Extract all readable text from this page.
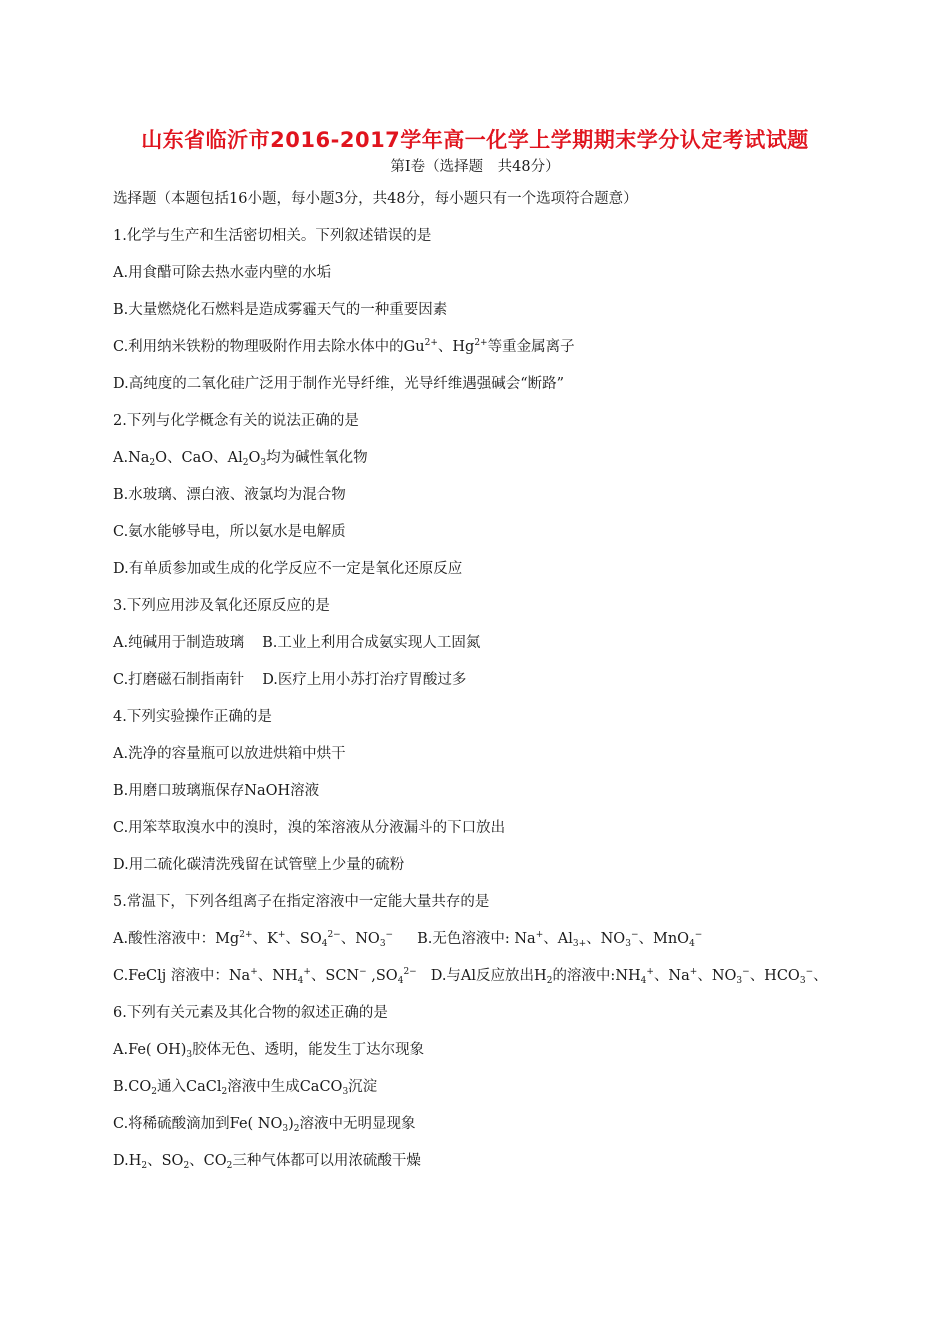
山东省临沂市2016-2017学年高一化学上学期期末学分认定考试试题
第Ⅰ卷（选择题　共48分）
选择题（本题包括16小题，每小题3分，共48分，每小题只有一个选项符合题意）
1.化学与生产和生活密切相关。下列叙述错误的是
A.用食醋可除去热水壶内壁的水垢
B.大量燃烧化石燃料是造成雾霾天气的一种重要因素
C.利用纳米铁粉的物理吸附作用去除水体中的$Gu^{2+}$、$Hg^{2+}$等重金属离子
D.高纯度的二氧化硅广泛用于制作光导纤维，光导纤维遇强碱会“断路”
2.下列与化学概念有关的说法正确的是
$A.Na_2O$、CaO、$Al_2O_3$均为碱性氧化物
B.水玻璃、漂白液、液氯均为混合物
C.氨水能够导电，所以氨水是电解质
D.有单质参加或生成的化学反应不一定是氧化还原反应
3.下列应用涉及氧化还原反应的是
A.纯碱用于制造玻璃 B.工业上利用合成氨实现人工固氮
C.打磨磁石制指南针 D.医疗上用小苏打治疗胃酸过多
4.下列实验操作正确的是
A.洗净的容量瓶可以放进烘箱中烘干
B.用磨口玻璃瓶保存NaOH溶液
C.用笨萃取溴水中的溴时，溴的笨溶液从分液漏斗的下口放出
D.用二硫化碳清洗残留在试管壁上少量的硫粉
5.常温下，下列各组离子在指定溶液中一定能大量共存的是
A.酸性溶液中：$Mg^{2+}$、K+、$SO_4^{2-}$、$NO_3^-$ B.无色溶液中: Na+、$Al_{3+}$、$NO_3^-$、MnO$_4$−
C.FeClj 溶液中：Na+、$NH_4^+$、SCN− $,SO_4^{2-}$ D.与Al反应放出$H_2$的溶液中$:NH_4^+$、Na+、$NO_3^-$、$HCO_3^-$、
6.下列有关元素及其化合物的叙述正确的是
A.Fe( $OH)_3$胶体无色、透明，能发生丁达尔现象
$B.CO_2$通入CaCl$_2$溶液中生成CaCO$_3$沉淀
C.将稀硫酸滴加到Fe( $NO_3)_2$溶液中无明显现象
$D.H_2$、$SO_2$、$CO_2$三种气体都可以用浓硫酸干燥
